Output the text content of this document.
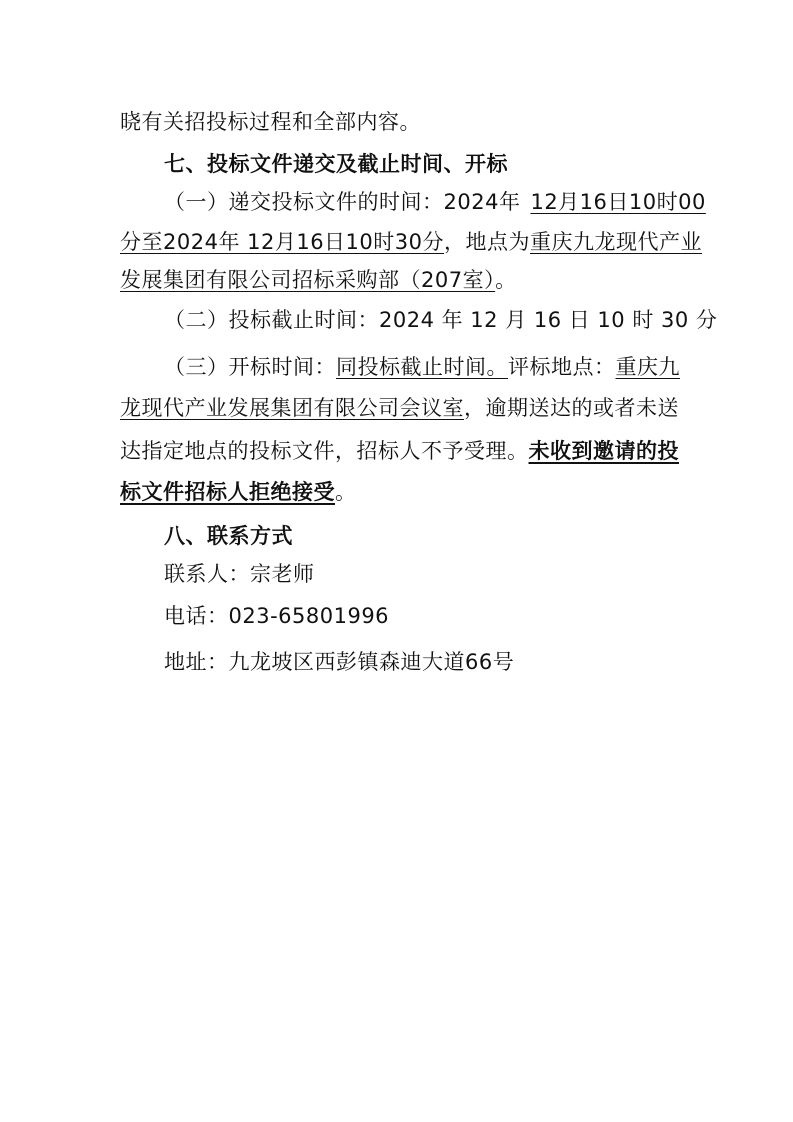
晓有关招投标过程和全部内容。
七、投标文件递交及截止时间、开标
（一）递交投标文件的时间：2024年 12月16日10时00
分至2024年 12月16日10时30分，地点为重庆九龙现代产业
发展集团有限公司招标采购部（207室）。
（二）投标截止时间：2024 年 12 月 16 日 10 时 30 分
（三）开标时间：同投标截止时间。评标地点：重庆九
龙现代产业发展集团有限公司会议室，逾期送达的或者未送
达指定地点的投标文件，招标人不予受理。未收到邀请的投
标文件招标人拒绝接受。
八、联系方式
联系人：宗老师
电话：023-65801996
地址：九龙坡区西彭镇森迪大道66号
